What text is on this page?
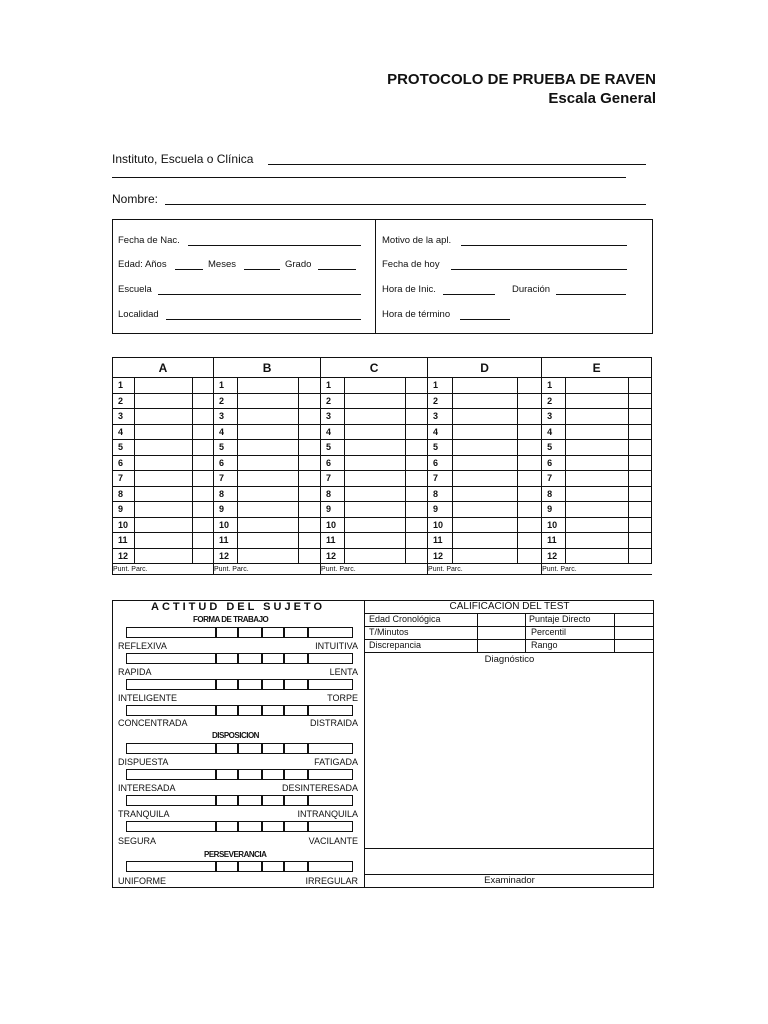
PROTOCOLO DE PRUEBA DE RAVEN
Escala General
Instituto, Escuela o Clínica
Nombre:
Fecha de Nac.
Edad: Años	Meses	Grado
Escuela
Localidad
Motivo de la apl.
Fecha de hoy
Hora de Inic.	Duración
Hora de término
A			B			C			D			E		
1			1			1			1			1		
2			2			2			2			2		
3			3			3			3			3		
4			4			4			4			4		
5			5			5			5			5		
6			6			6			6			6		
7			7			7			7			7		
8			8			8			8			8		
9			9			9			9			9		
10			10			10			10			10		
11			11			11			11			11		
12			12			12			12			12		
Punt. Parc.			Punt. Parc.			Punt. Parc.			Punt. Parc.			Punt. Parc.		
ACTITUD DEL SUJETO
FORMA DE TRABAJO
DISPOSICION
PERSEVERANCIA
REFLEXIVA	INTUITIVA
RAPIDA	LENTA
INTELIGENTE	TORPE
CONCENTRADA	DISTRAIDA
DISPUESTA	FATIGADA
INTERESADA	DESINTERESADA
TRANQUILA	INTRANQUILA
SEGURA	VACILANTE
UNIFORME	IRREGULAR
CALIFICACIÓN DEL TEST
Edad Cronológica	Puntaje Directo
T/Minutos	Percentil
Discrepancia	Rango
Diagnóstico
Examinador
